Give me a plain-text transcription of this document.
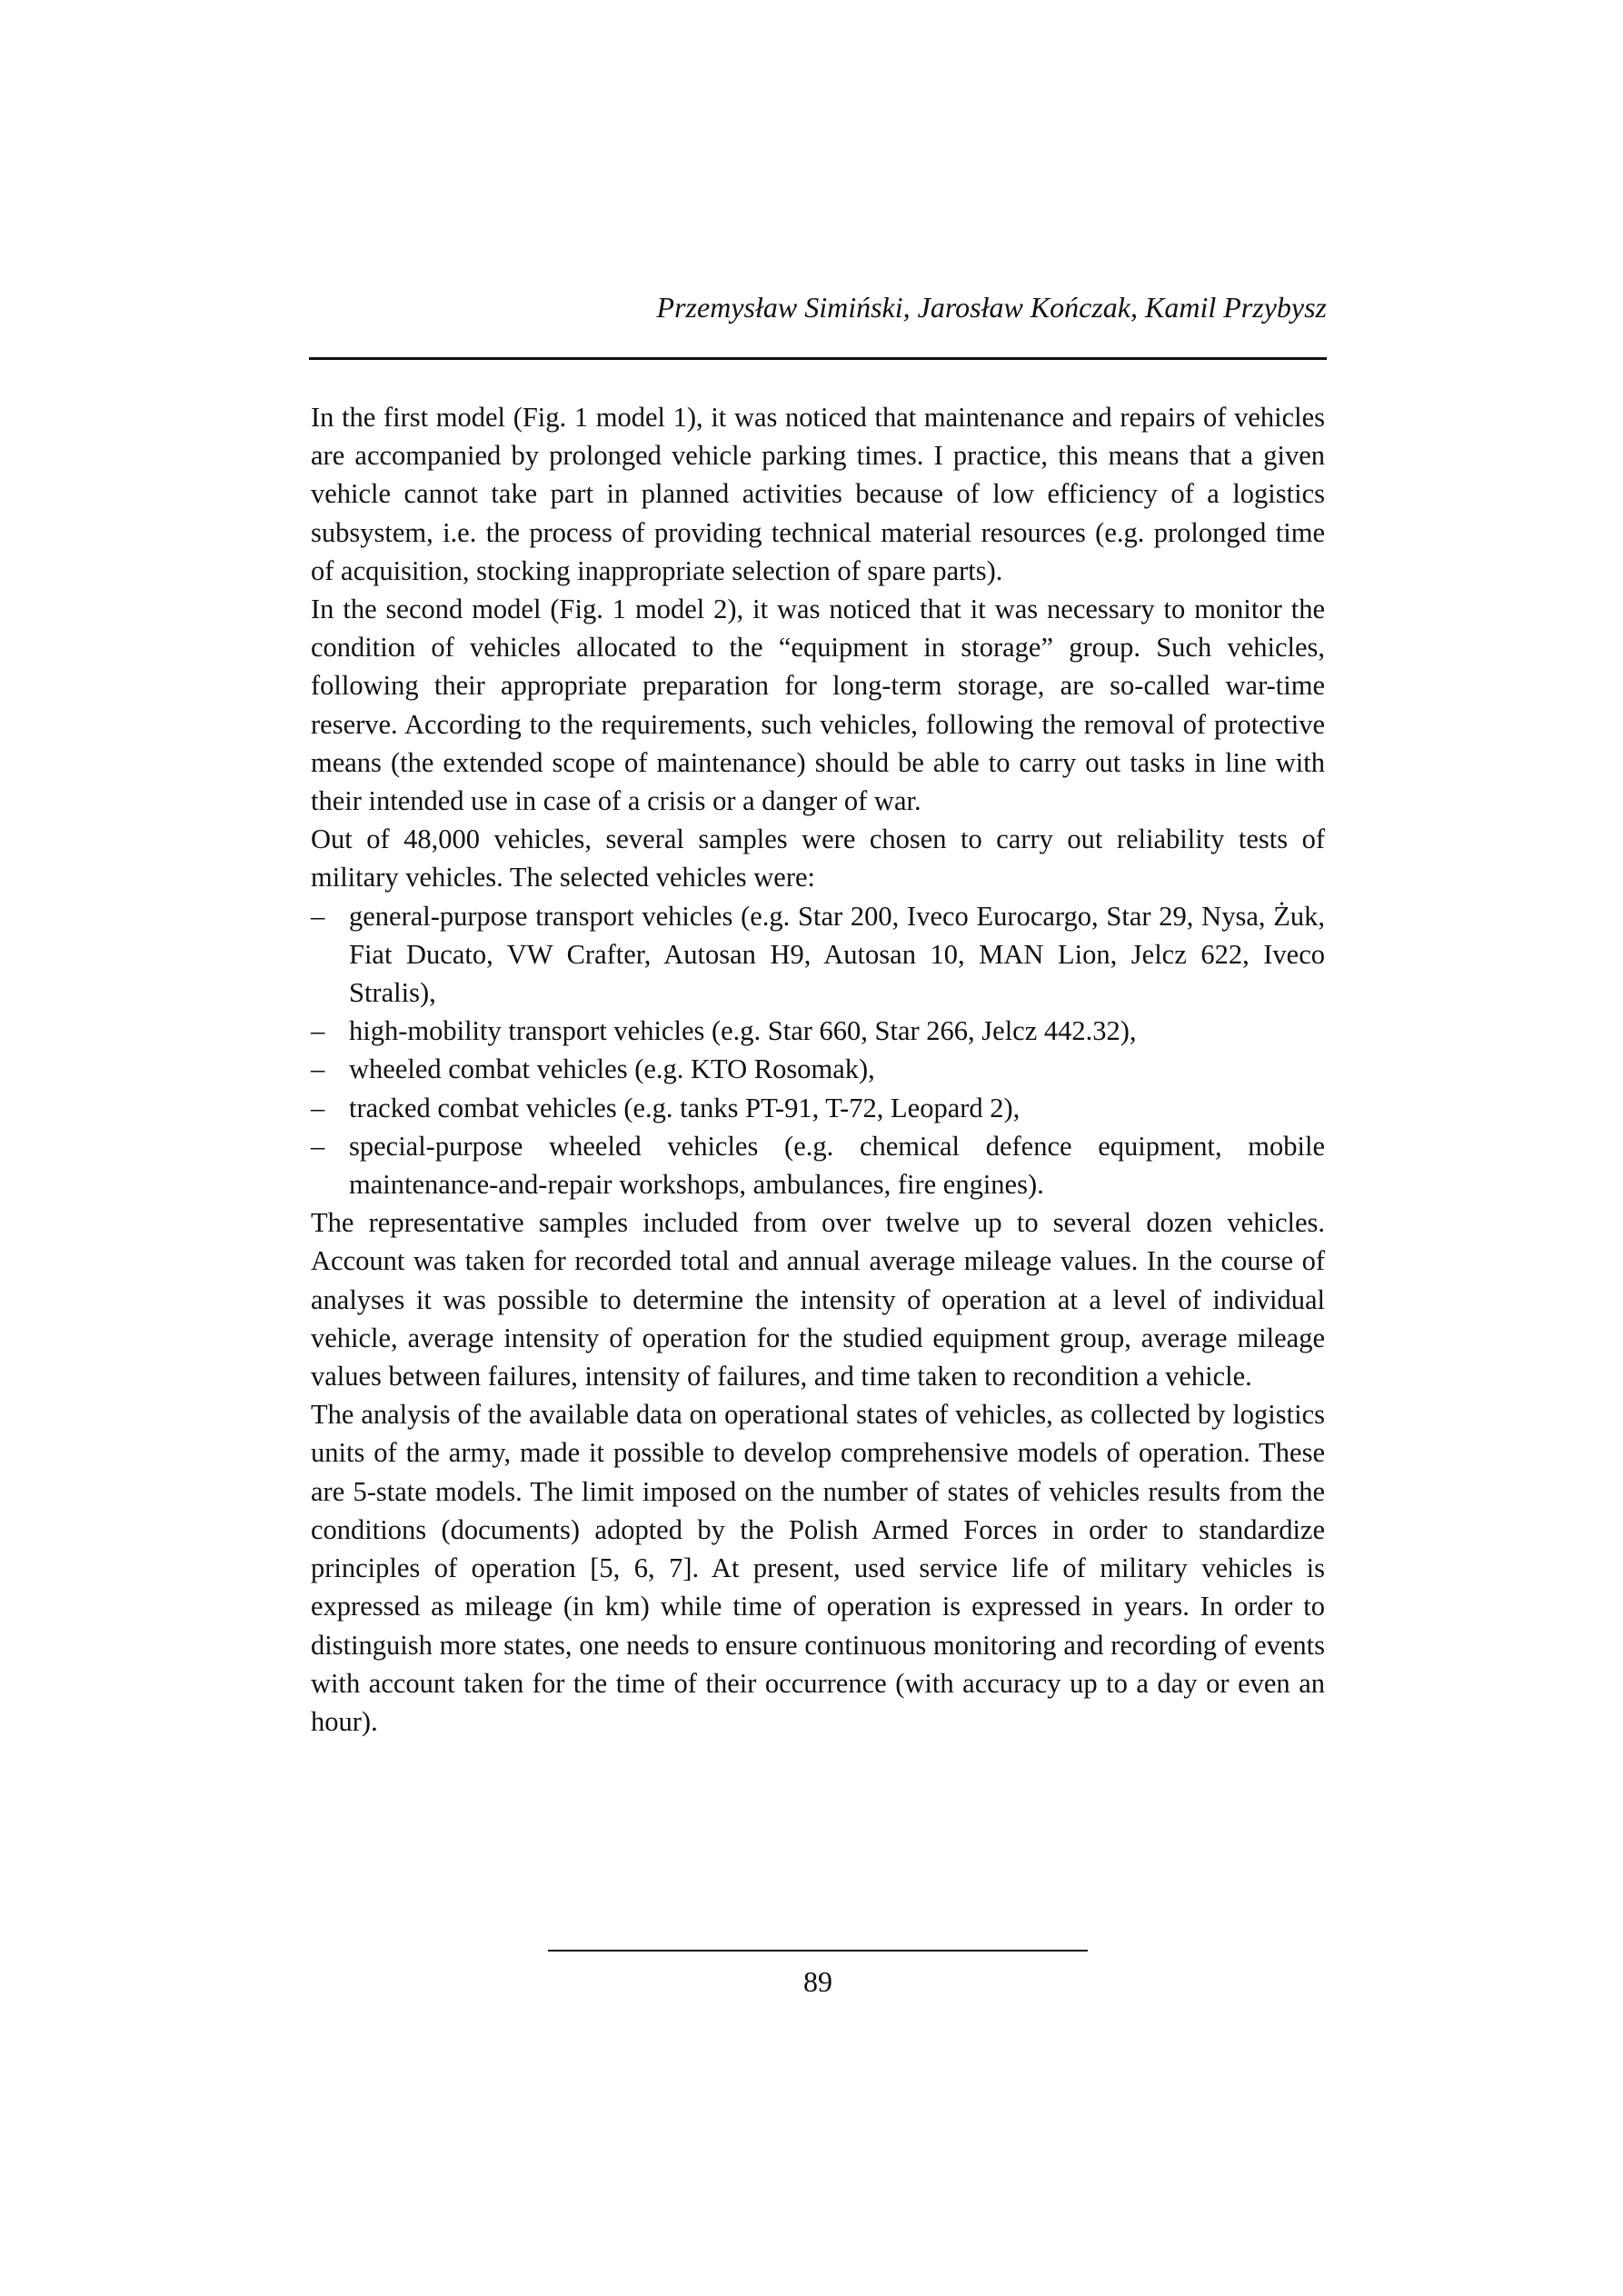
Przemysław Simiński, Jarosław Kończak, Kamil Przybysz

In the first model (Fig. 1 model 1), it was noticed that maintenance and repairs of vehicles are accompanied by prolonged vehicle parking times. I practice, this means that a given vehicle cannot take part in planned activities because of low efficiency of a logistics subsystem, i.e. the process of providing technical material resources (e.g. prolonged time of acquisition, stocking inappropriate selection of spare parts).

In the second model (Fig. 1 model 2), it was noticed that it was necessary to monitor the condition of vehicles allocated to the “equipment in storage” group. Such vehicles, following their appropriate preparation for long-term storage, are so-called war-time reserve. According to the requirements, such vehicles, following the removal of protective means (the extended scope of maintenance) should be able to carry out tasks in line with their intended use in case of a crisis or a danger of war.

Out of 48,000 vehicles, several samples were chosen to carry out reliability tests of military vehicles. The selected vehicles were:

– general-purpose transport vehicles (e.g. Star 200, Iveco Eurocargo, Star 29, Nysa, Żuk, Fiat Ducato, VW Crafter, Autosan H9, Autosan 10, MAN Lion, Jelcz 622, Iveco Stralis),
– high-mobility transport vehicles (e.g. Star 660, Star 266, Jelcz 442.32),
– wheeled combat vehicles (e.g. KTO Rosomak),
– tracked combat vehicles (e.g. tanks PT-91, T-72, Leopard 2),
– special-purpose wheeled vehicles (e.g. chemical defence equipment, mobile maintenance-and-repair workshops, ambulances, fire engines).

The representative samples included from over twelve up to several dozen vehicles. Account was taken for recorded total and annual average mileage values. In the course of analyses it was possible to determine the intensity of operation at a level of individual vehicle, average intensity of operation for the studied equipment group, average mileage values between failures, intensity of failures, and time taken to recondition a vehicle.

The analysis of the available data on operational states of vehicles, as collected by logistics units of the army, made it possible to develop comprehensive models of operation. These are 5-state models. The limit imposed on the number of states of vehicles results from the conditions (documents) adopted by the Polish Armed Forces in order to standardize principles of operation [5, 6, 7]. At present, used service life of military vehicles is expressed as mileage (in km) while time of operation is expressed in years. In order to distinguish more states, one needs to ensure continuous monitoring and recording of events with account taken for the time of their occurrence (with accuracy up to a day or even an hour).

89
